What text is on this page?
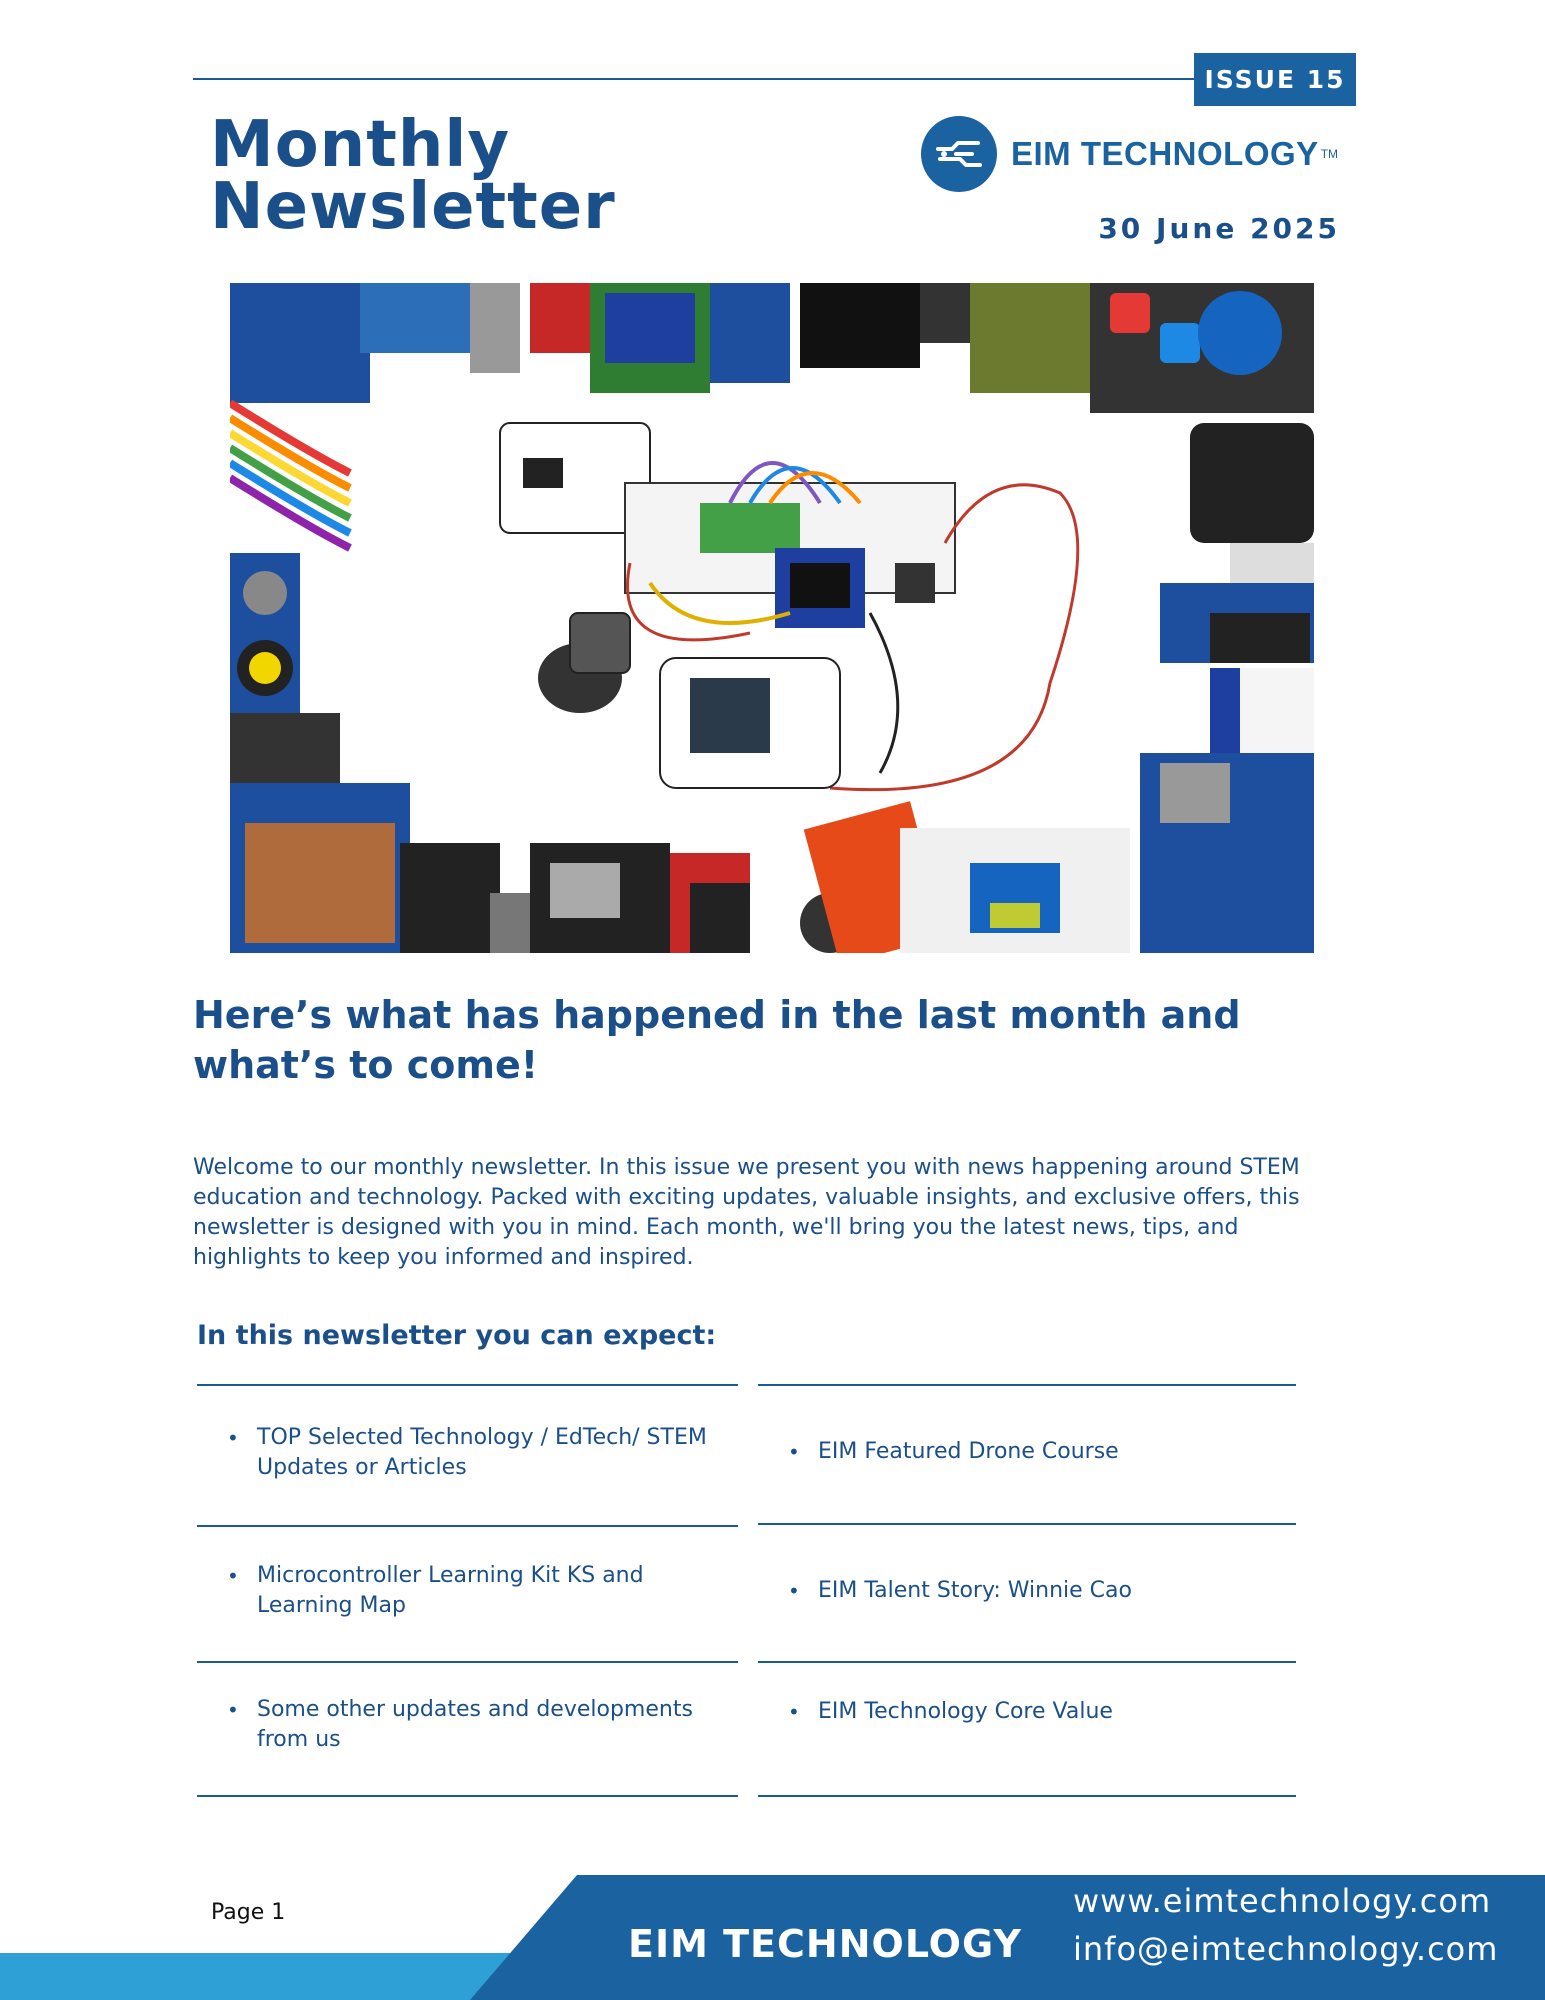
ISSUE 15
Monthly
Newsletter
EIM TECHNOLOGY TM
30 June 2025
Here’s what has happened in the last month and what’s to come!
Welcome to our monthly newsletter. In this issue we present you with news happening around STEM education and technology. Packed with exciting updates, valuable insights, and exclusive offers, this newsletter is designed with you in mind. Each month, we'll bring you the latest news, tips, and highlights to keep you informed and inspired.
In this newsletter you can expect:
• TOP Selected Technology / EdTech/ STEM Updates or Articles
• Microcontroller Learning Kit KS and Learning Map
• Some other updates and developments from us
• EIM Featured Drone Course
• EIM Talent Story: Winnie Cao
• EIM Technology Core Value
Page 1
EIM TECHNOLOGY
www.eimtechnology.com
info@eimtechnology.com
